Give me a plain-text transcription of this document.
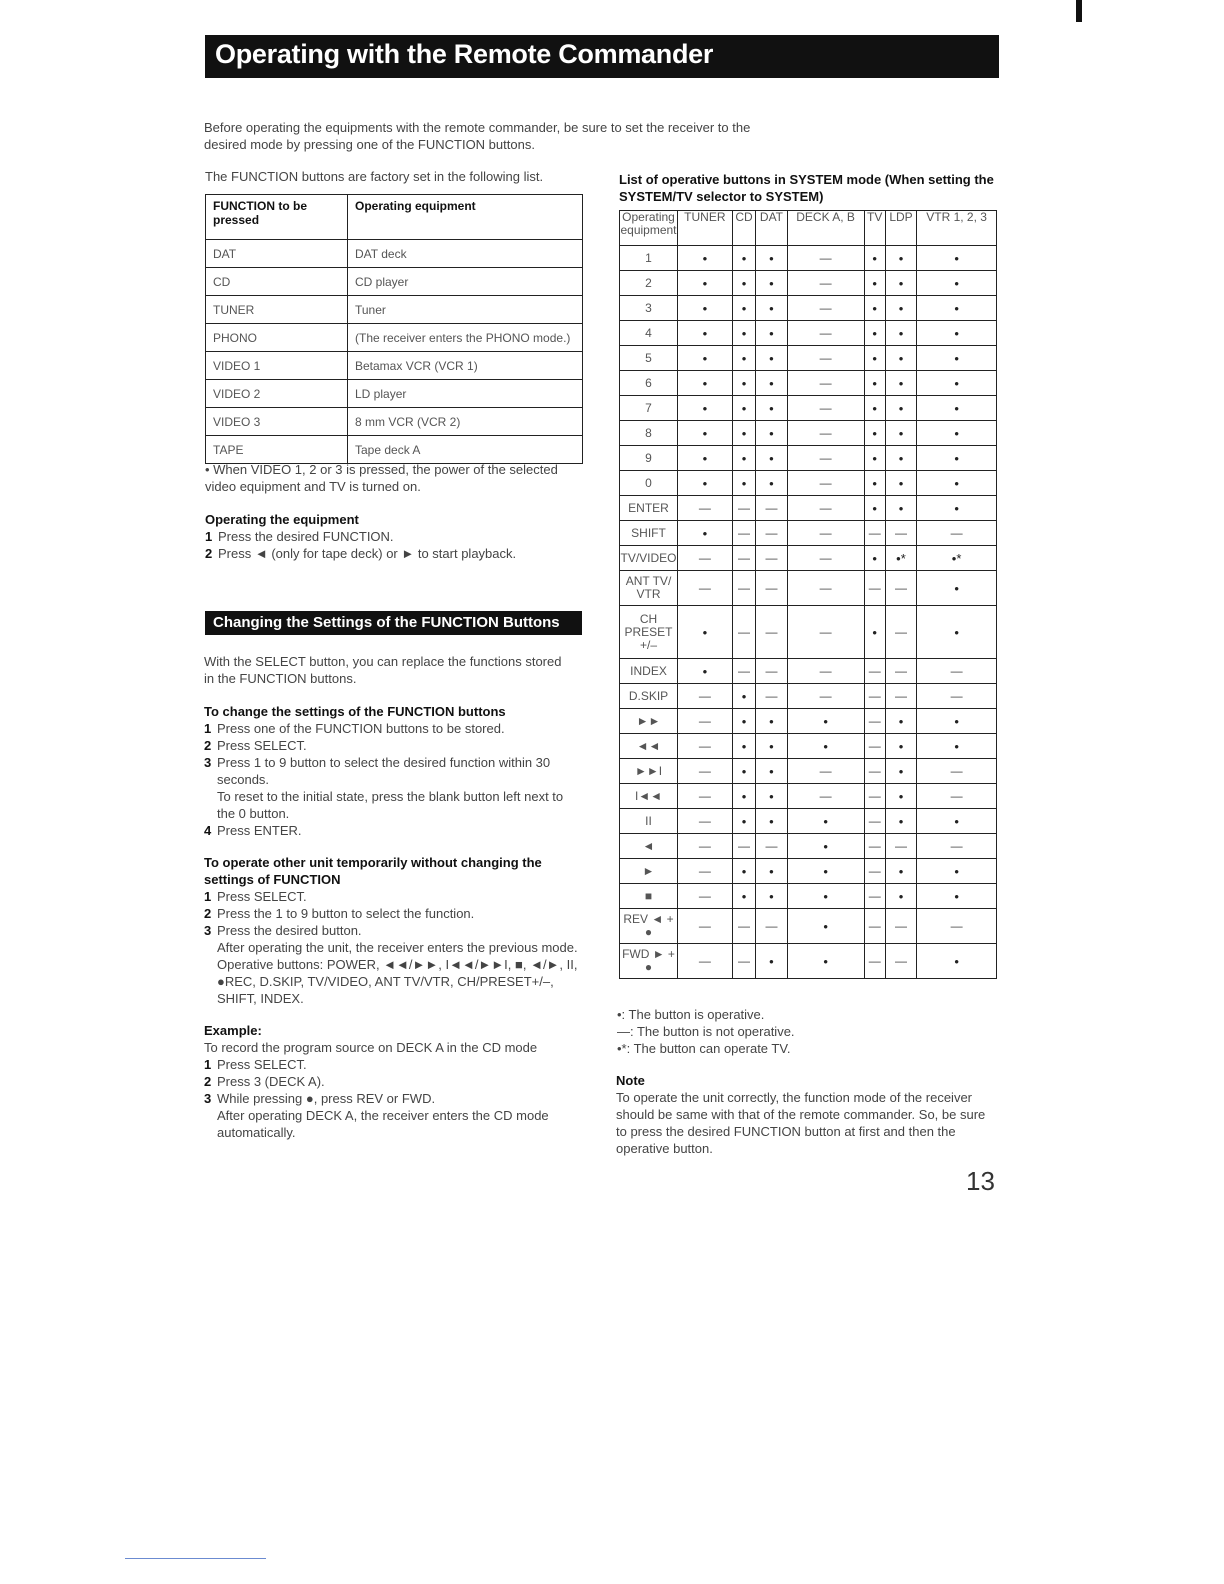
Operating with the Remote Commander
Before operating the equipments with the remote commander, be sure to set the receiver to the desired mode by pressing one of the FUNCTION buttons.
The FUNCTION buttons are factory set in the following list.
FUNCTION to be pressed	Operating equipment
DAT	DAT deck
CD	CD player
TUNER	Tuner
PHONO	(The receiver enters the PHONO mode.)
VIDEO 1	Betamax VCR (VCR 1)
VIDEO 2	LD player
VIDEO 3	8 mm VCR (VCR 2)
TAPE	Tape deck A
• When VIDEO 1, 2 or 3 is pressed, the power of the selected video equipment and TV is turned on.
Operating the equipment
1 Press the desired FUNCTION.
2 Press ◄ (only for tape deck) or ► to start playback.
Changing the Settings of the FUNCTION Buttons
With the SELECT button, you can replace the functions stored in the FUNCTION buttons.
To change the settings of the FUNCTION buttons
1 Press one of the FUNCTION buttons to be stored.
2 Press SELECT.
3 Press 1 to 9 button to select the desired function within 30 seconds.
To reset to the initial state, press the blank button left next to the 0 button.
4 Press ENTER.
To operate other unit temporarily without changing the settings of FUNCTION
1 Press SELECT.
2 Press the 1 to 9 button to select the function.
3 Press the desired button.
After operating the unit, the receiver enters the previous mode.
Operative buttons: POWER, ◄◄/►►, I◄◄/►►I, ■, ◄/►, II, ●REC, D.SKIP, TV/VIDEO, ANT TV/VTR, CH/PRESET+/–, SHIFT, INDEX.
Example:
To record the program source on DECK A in the CD mode
1 Press SELECT.
2 Press 3 (DECK A).
3 While pressing ●, press REV or FWD.
After operating DECK A, the receiver enters the CD mode automatically.
List of operative buttons in SYSTEM mode (When setting the SYSTEM/TV selector to SYSTEM)
Operating equipment	TUNER	CD	DAT	DECK A, B	TV	LDP	VTR 1, 2, 3
1	•	•	•	—	•	•	•
2	•	•	•	—	•	•	•
3	•	•	•	—	•	•	•
4	•	•	•	—	•	•	•
5	•	•	•	—	•	•	•
6	•	•	•	—	•	•	•
7	•	•	•	—	•	•	•
8	•	•	•	—	•	•	•
9	•	•	•	—	•	•	•
0	•	•	•	—	•	•	•
ENTER	—	—	—	—	•	•	•
SHIFT	•	—	—	—	—	—	—
TV/VIDEO	—	—	—	—	•	•*	•*
ANT TV/ VTR	—	—	—	—	—	—	•
CH PRESET +/–	•	—	—	—	•	—	•
INDEX	•	—	—	—	—	—	—
D.SKIP	—	•	—	—	—	—	—
►►	—	•	•	•	—	•	•
◄◄	—	•	•	•	—	•	•
►►I	—	•	•	—	—	•	—
I◄◄	—	•	•	—	—	•	—
II	—	•	•	•	—	•	•
◄	—	—	—	•	—	—	—
►	—	•	•	•	—	•	•
■	—	•	•	•	—	•	•
REV ◄ + ●	—	—	—	•	—	—	—
FWD ► + ●	—	—	•	•	—	—	•
•: The button is operative.
—: The button is not operative.
•*: The button can operate TV.
Note
To operate the unit correctly, the function mode of the receiver should be same with that of the remote commander. So, be sure to press the desired FUNCTION button at first and then the operative button.
13
